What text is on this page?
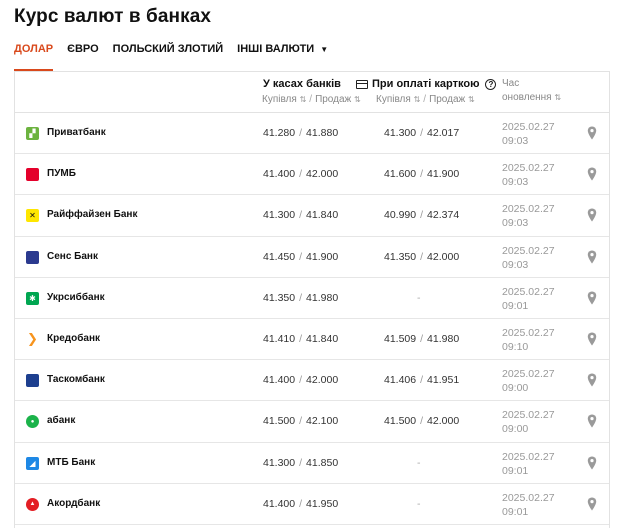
Курс валют в банках
ДОЛАР ЄВРО ПОЛЬСКИЙ ЗЛОТИЙ ІНШІ ВАЛЮТИ ▼
У касах банків
Купівля ⇅ / Продаж ⇅
При оплаті карткою	?
Купівля ⇅ / Продаж ⇅
Час
оновлення ⇅
▞	Приватбанк	41.280 / 41.880	41.300 / 42.017	2025.02.27
09:03
ПУМБ	41.400 / 42.000	41.600 / 41.900	2025.02.27
09:03
✕	Райффайзен Банк	41.300 / 41.840	40.990 / 42.374	2025.02.27
09:03
Сенс Банк	41.450 / 41.900	41.350 / 42.000	2025.02.27
09:03
✱	Укрсиббанк	41.350 / 41.980	-	2025.02.27
09:01
❯ Кредобанк	41.410 / 41.840	41.509 / 41.980	2025.02.27
09:10
Таскомбанк	41.400 / 42.000	41.406 / 41.951	2025.02.27
09:00
●	абанк	41.500 / 42.100	41.500 / 42.000	2025.02.27
09:00
◢	МТБ Банк	41.300 / 41.850	-	2025.02.27
09:01
▲	Акордбанк	41.400 / 41.950	-	2025.02.27
09:01
